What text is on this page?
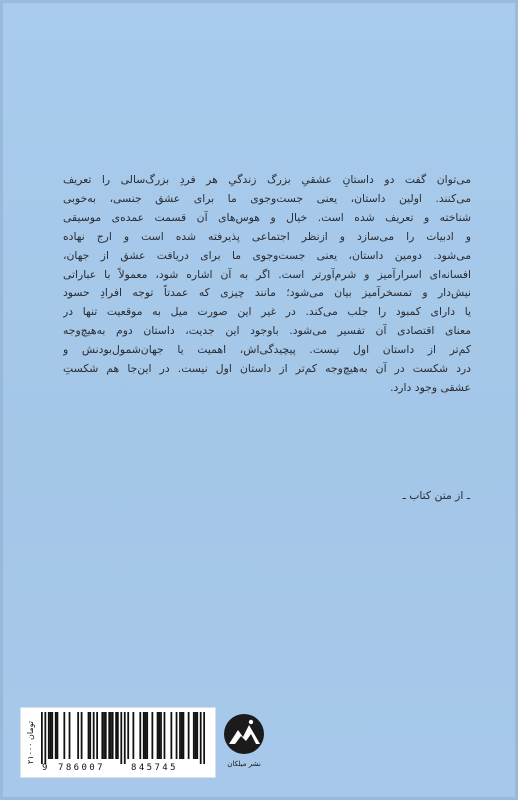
می‌توان گفت دو داستانِ عشقیِ بزرگ زندگیِ هر فردِ بزرگ‌سالی را تعریف
می‌کنند. اولین داستان، یعنی جست‌وجوی ما برای عشق جنسی، به‌خوبی
شناخته و تعریف شده است. خیال و هوس‌های آن قسمت عمده‌ی موسیقی
و ادبیات را می‌سازد و ازنظر اجتماعی پذیرفته شده است و ارج نهاده
می‌شود. دومین داستان، یعنی جست‌وجوی ما برای دریافت عشق از جهان،
افسانه‌ای اسرارآمیز و شرم‌آورتر است. اگر به آن اشاره شود، معمولاً با عباراتی
نیش‌دار و تمسخرآمیز بیان می‌شود؛ مانند چیزی که عمدتاً توجه افرادِ حسود
یا دارای کمبود را جلب می‌کند. در غیر این صورت میل به موقعیت تنها در
معنای اقتصادی آن تفسیر می‌شود. باوجود این جدیت، داستان دوم به‌هیچ‌وجه
کم‌تر از داستان اول نیست. پیچیدگی‌اش، اهمیت یا جهان‌شمول‌بودنش و
درد شکست در آن به‌هیچ‌وجه کم‌تر از داستان اول نیست. در این‌جا هم شکستِ
عشقی وجود دارد.
ـ از متن کتاب ـ
۲۱۰۰۰ تومان
9 786007	845745	نشر میلکان
